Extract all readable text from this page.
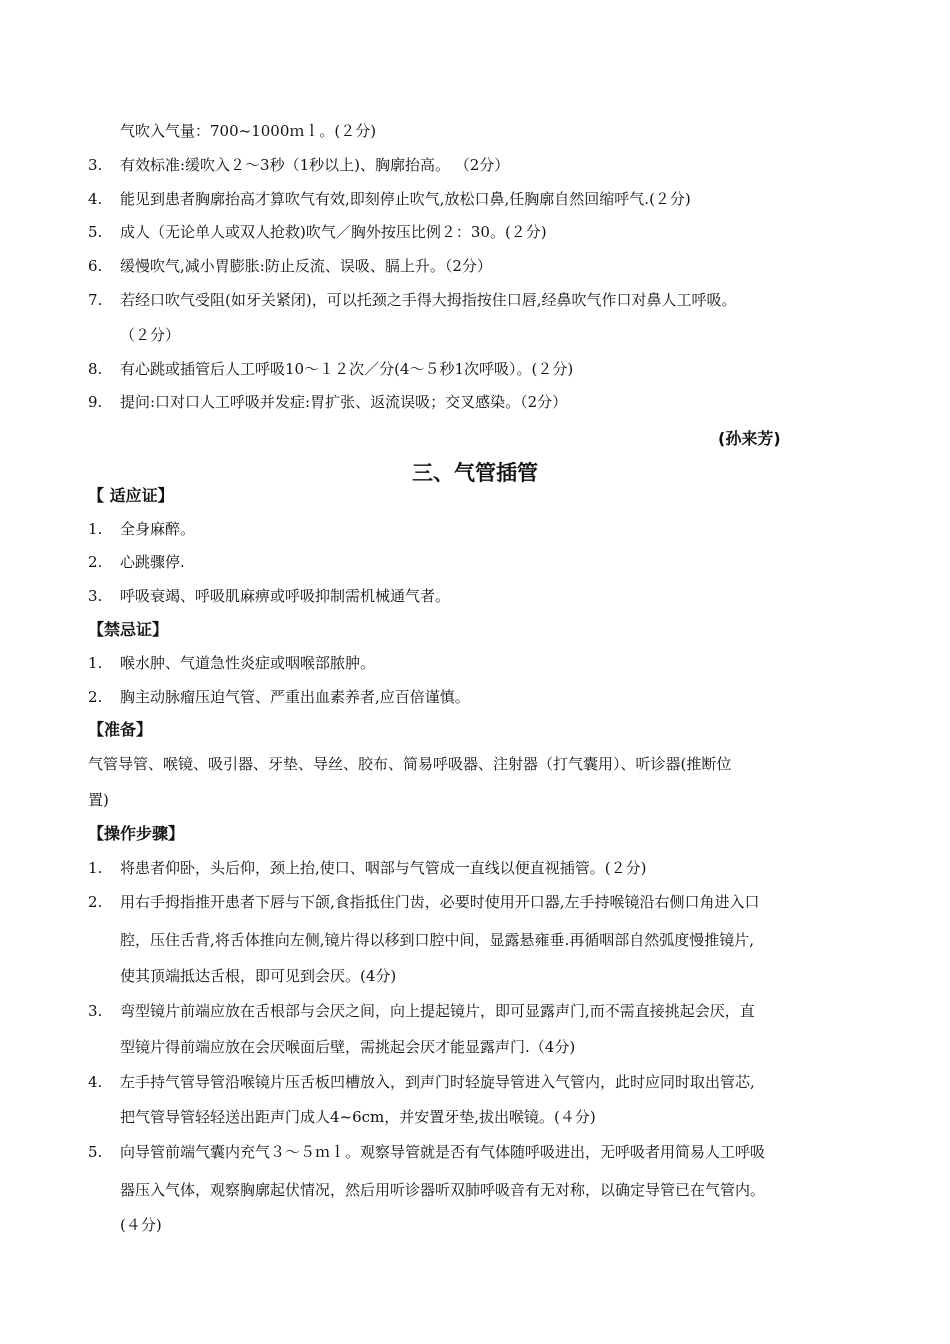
气吹入气量：700~1000ｍｌ。(２分)
3.	有效标准:缓吹入２～3秒（1秒以上)、胸廓抬高。 （2分）
4.	能见到患者胸廓抬高才算吹气有效,即刻停止吹气,放松口鼻,任胸廓自然回缩呼气.(２分)
5.	成人（无论单人或双人抢救)吹气／胸外按压比例２：30。(２分)
6.	缓慢吹气,减小胃膨胀:防止反流、误吸、膈上升。（2分）
7.	若经口吹气受阻(如牙关紧闭)，可以托颈之手得大拇指按住口唇,经鼻吹气作口对鼻人工呼吸。
（２分）
8.	有心跳或插管后人工呼吸10～１２次／分(4～５秒1次呼吸）。(２分)
9.	提问:口对口人工呼吸并发症:胃扩张、返流误吸；交叉感染。（2分）
(孙来芳)
三、气管插管
【 适应证】
1.	全身麻醉。
2.	心跳骤停.
3.	呼吸衰竭、呼吸肌麻痹或呼吸抑制需机械通气者。
【禁忌证】
1.	喉水肿、气道急性炎症或咽喉部脓肿。
2.	胸主动脉瘤压迫气管、严重出血素养者,应百倍谨慎。
【准备】
气管导管、喉镜、吸引器、牙垫、导丝、胶布、简易呼吸器、注射器（打气囊用）、听诊器(推断位
置)
【操作步骤】
1.	将患者仰卧，头后仰，颈上抬,使口、咽部与气管成一直线以便直视插管。(２分)
2.	用右手拇指推开患者下唇与下颌,食指抵住门齿，必要时使用开口器,左手持喉镜沿右侧口角进入口
腔，压住舌背,将舌体推向左侧,镜片得以移到口腔中间，显露悬雍垂.再循咽部自然弧度慢推镜片,
使其顶端抵达舌根，即可见到会厌。(4分)
3.	弯型镜片前端应放在舌根部与会厌之间，向上提起镜片，即可显露声门,而不需直接挑起会厌，直
型镜片得前端应放在会厌喉面后壁，需挑起会厌才能显露声门.（4分)
4.	左手持气管导管沿喉镜片压舌板凹槽放入，到声门时轻旋导管进入气管内，此时应同时取出管芯,
把气管导管轻轻送出距声门成人4~6cm，并安置牙垫,拔出喉镜。(４分)
5.	向导管前端气囊内充气３～５ｍｌ。观察导管就是否有气体随呼吸进出，无呼吸者用简易人工呼吸
器压入气体，观察胸廓起伏情况，然后用听诊器听双肺呼吸音有无对称，以确定导管已在气管内。
(４分)
